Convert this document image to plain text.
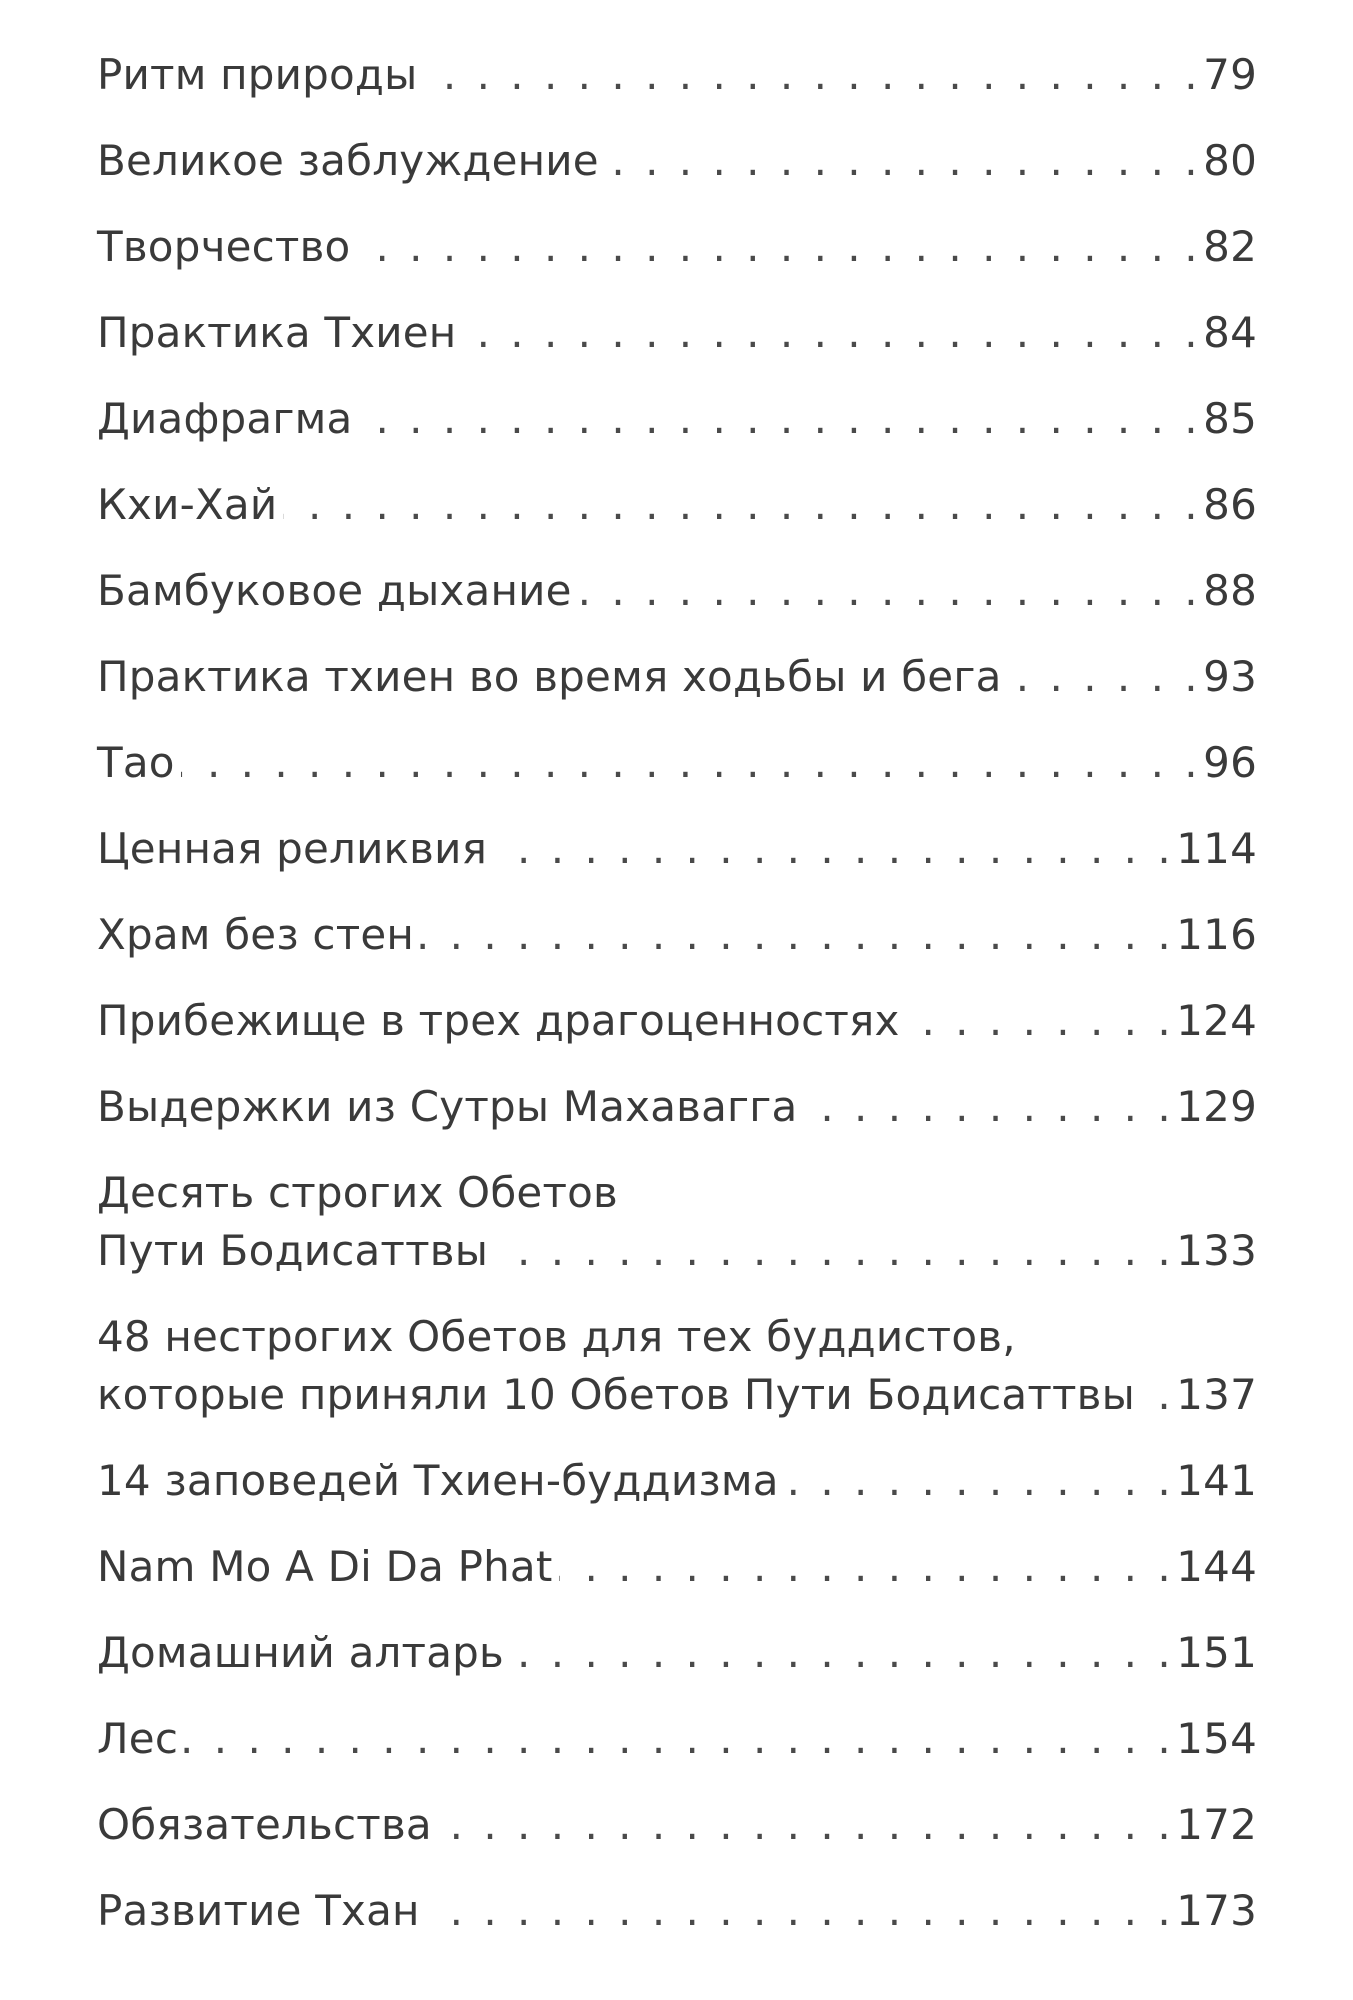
Ритм природы . . .	79
Великое заблуждение . . .	80
Творчество . . .	82
Практика Тхиен . . .	84
Диафрагма . . .	85
Кхи-Хай . . .	86
Бамбуковое дыхание . . .	88
Практика тхиен во время ходьбы и бега . . .	93
Тао . . .	96
Ценная реликвия . . .	114
Храм без стен . . .	116
Прибежище в трех драгоценностях . . .	124
Выдержки из Сутры Махавагга . . .	129
Десять строгих Обетов
Пути Бодисаттвы . . .	133
48 нестрогих Обетов для тех буддистов,
которые приняли 10 Обетов Пути Бодисаттвы . . . 137
14 заповедей Тхиен-буддизма . . .	141
Nam Mo A Di Da Phat . . .	144
Домашний алтарь . . .	151
Лес . . .	154
Обязательства . . .	172
Развитие Тхан . . .	173
